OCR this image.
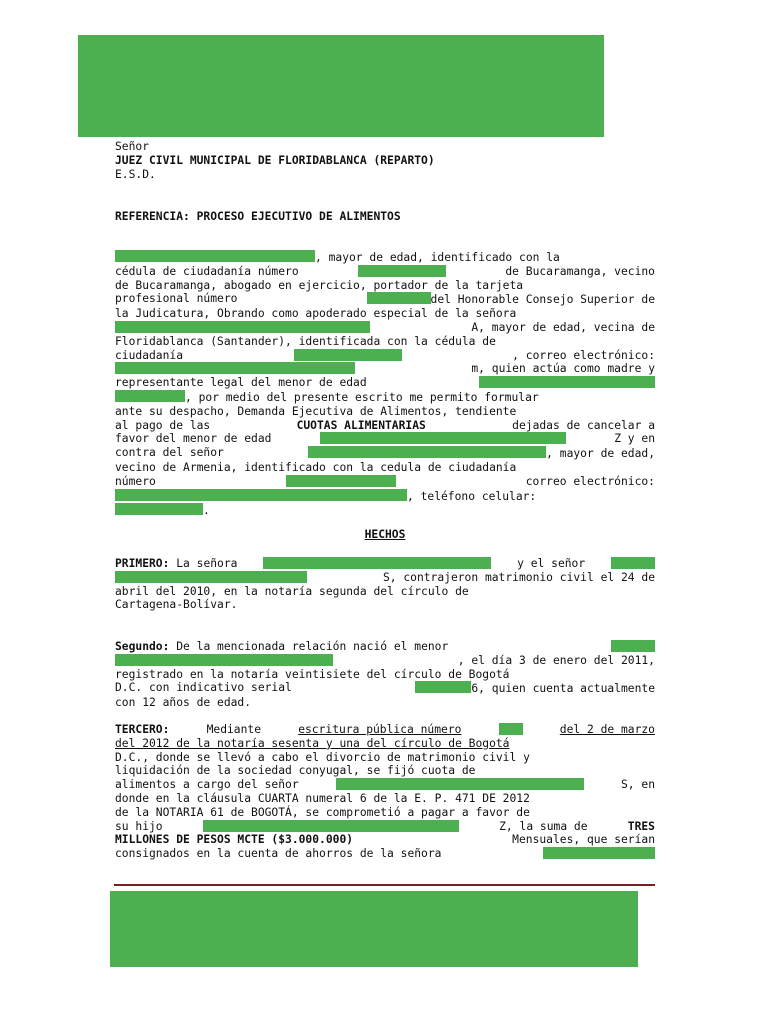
Señor
JUEZ CIVIL MUNICIPAL DE FLORIDABLANCA (REPARTO)
E.S.D.
REFERENCIA: PROCESO EJECUTIVO DE ALIMENTOS
, mayor de edad, identificado con la
cédula de ciudadanía número	de Bucaramanga, vecino
de Bucaramanga, abogado en ejercicio, portador de la tarjeta
profesional número	del Honorable Consejo Superior de
la Judicatura, Obrando como apoderado especial de la señora
A, mayor de edad, vecina de
Floridablanca (Santander), identificada con la cédula de
ciudadanía	, correo electrónico:
m, quien actúa como madre y
representante legal del menor de edad
, por medio del presente escrito me permito formular
ante su despacho, Demanda Ejecutiva de Alimentos, tendiente
al pago de las	CUOTAS ALIMENTARIAS	dejadas de cancelar a
favor del menor de edad	Z y en
contra del señor	, mayor de edad,
vecino de Armenia, identificado con la cedula de ciudadanía
número	correo electrónico:
, teléfono celular:
.
HECHOS
PRIMERO: La señora	y el señor
S, contrajeron matrimonio civil el 24 de
abril del 2010, en la notaría segunda del círculo de
Cartagena-Bolívar.
Segundo: De la mencionada relación nació el menor
, el día 3 de enero del 2011,
registrado en la notaría veintisiete del círculo de Bogotá
D.C. con indicativo serial	6, quien cuenta actualmente
con 12 años de edad.
TERCERO:	Mediante	escritura pública número	del 2 de marzo
del 2012 de la notaría sesenta y una del círculo de Bogotá
D.C., donde se llevó a cabo el divorcio de matrimonio civil y
liquidación de la sociedad conyugal, se fijó cuota de
alimentos a cargo del señor	S, en
donde en la cláusula CUARTA numeral 6 de la E. P. 471 DE 2012
de la NOTARIA 61 de BOGOTÁ, se comprometió a pagar a favor de
su hijo	Z, la suma de	TRES
MILLONES DE PESOS MCTE ($3.000.000)	Mensuales, que serían
consignados en la cuenta de ahorros de la señora
